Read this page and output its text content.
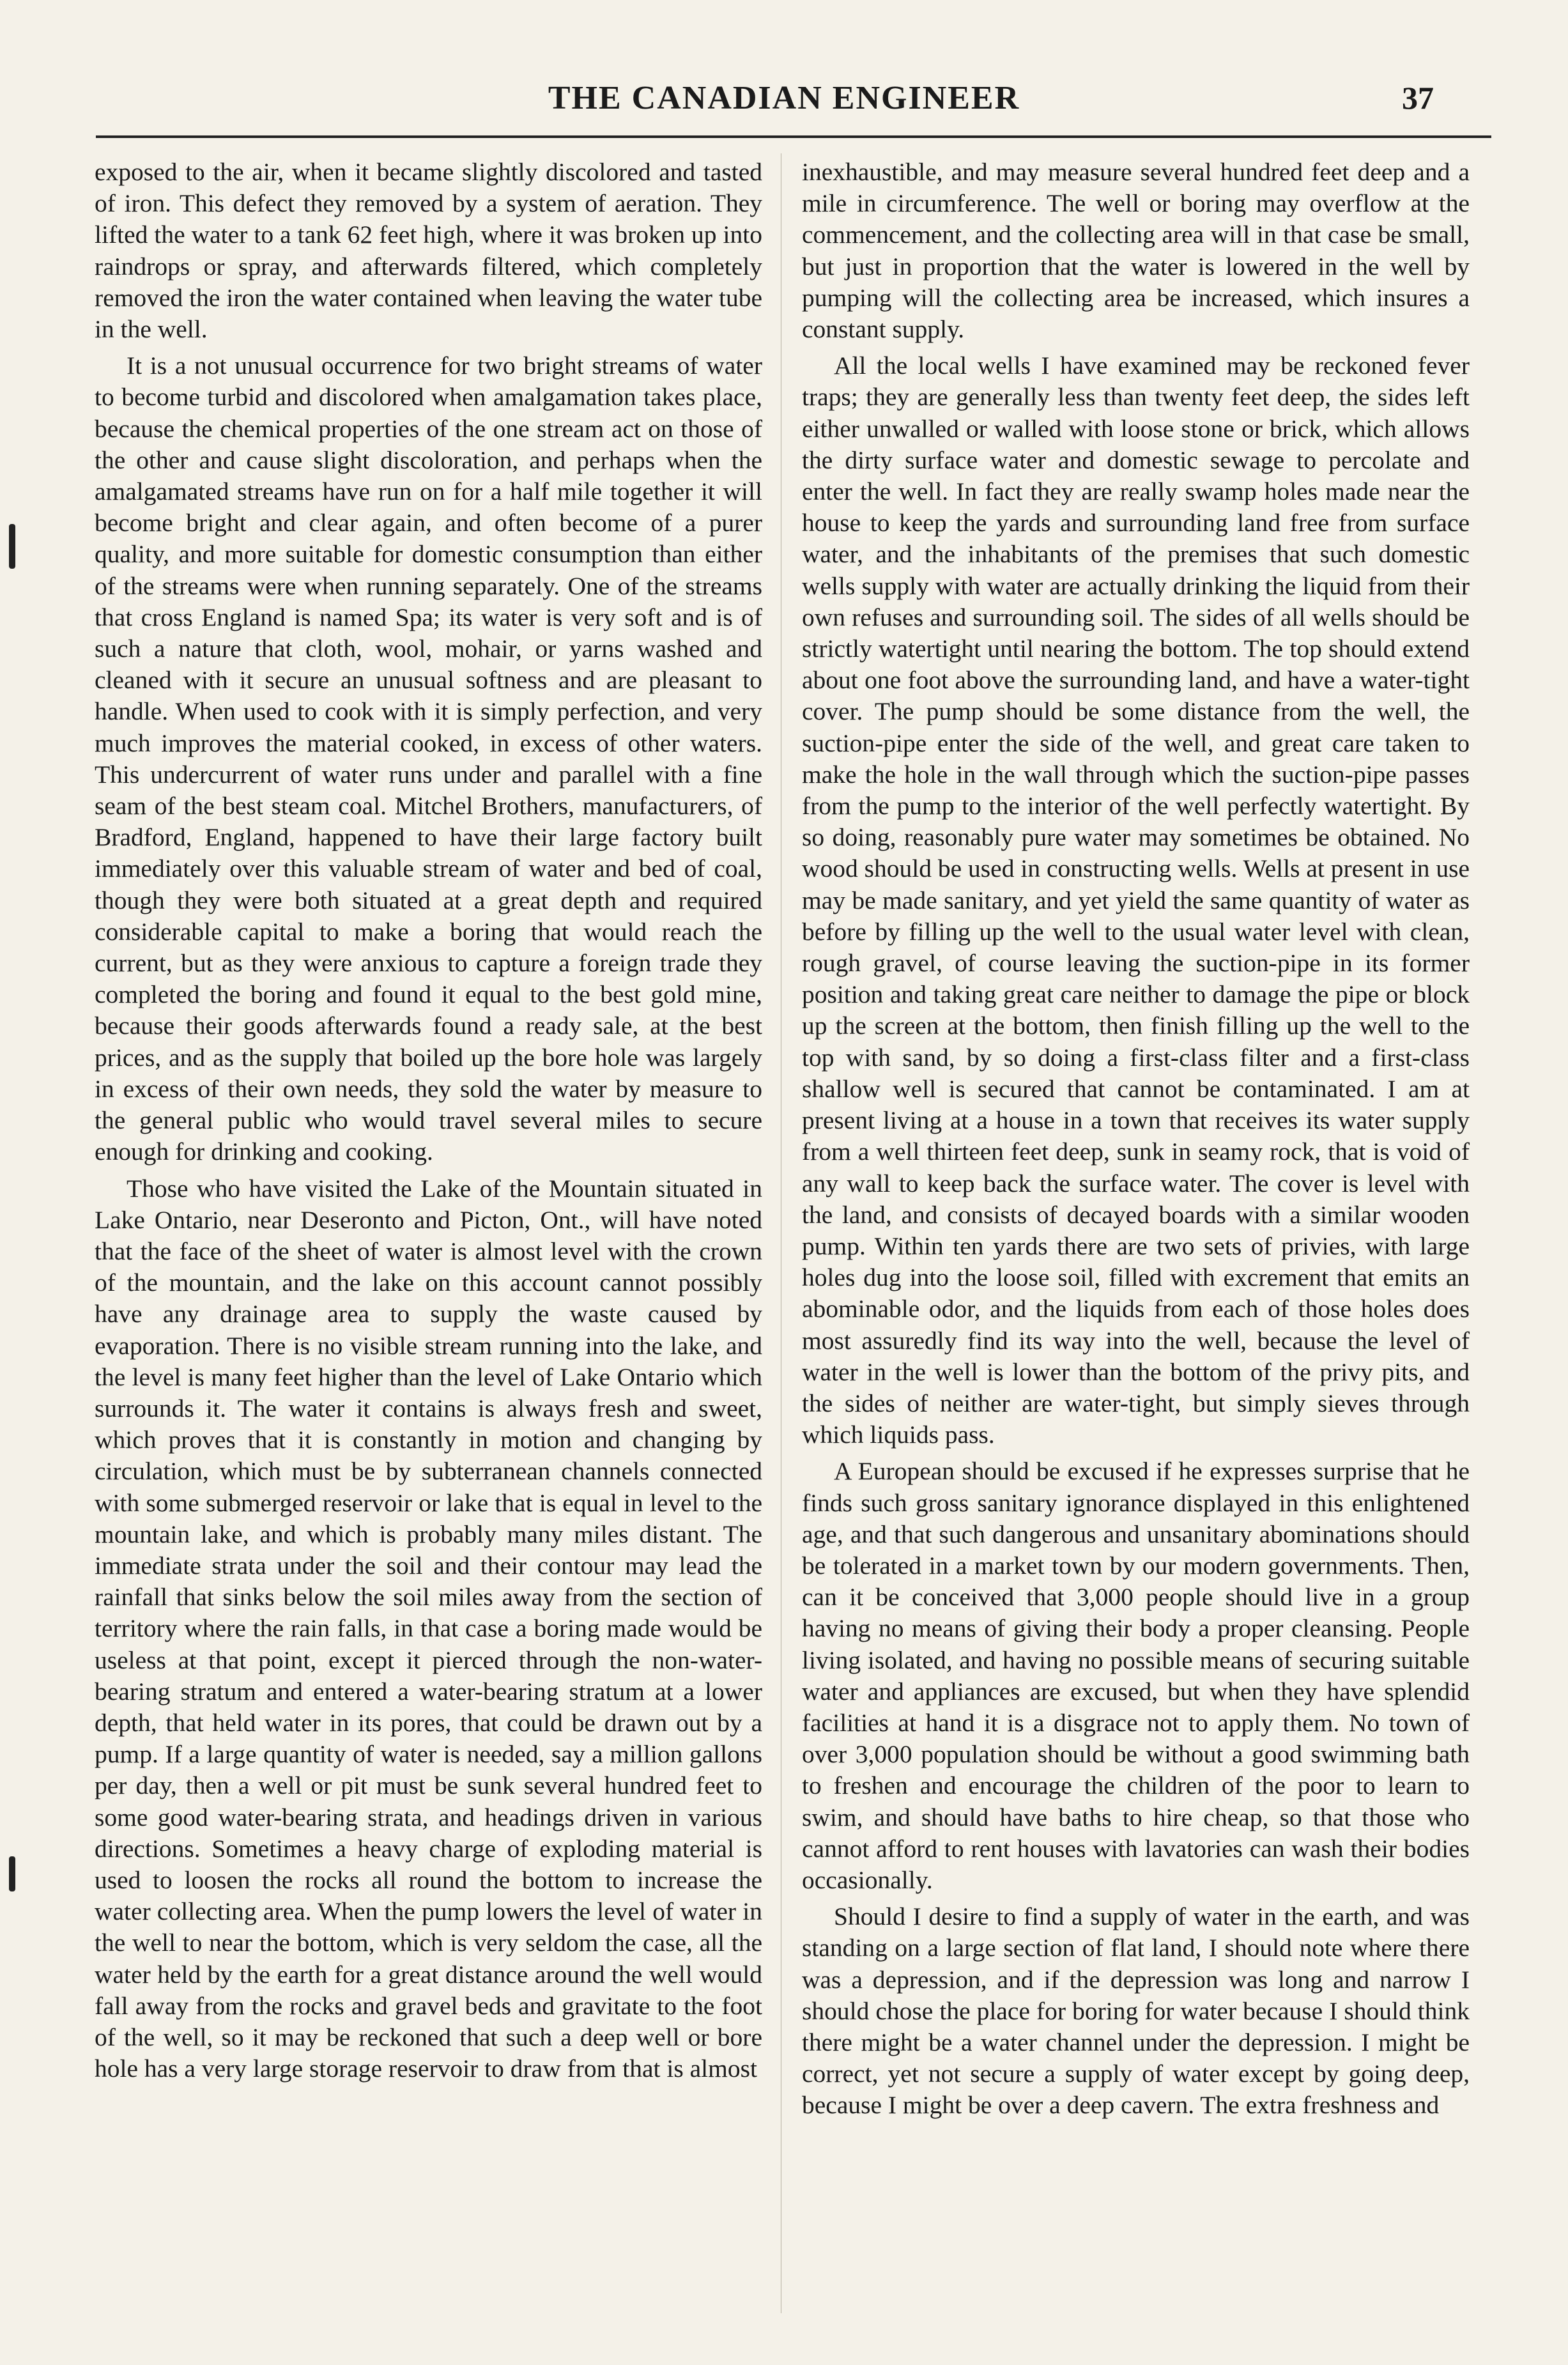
THE CANADIAN ENGINEER	37

exposed to the air, when it became slightly discolored and tasted of iron. This defect they removed by a system of aeration. They lifted the water to a tank 62 feet high, where it was broken up into raindrops or spray, and afterwards filtered, which completely removed the iron the water contained when leaving the water tube in the well.

It is a not unusual occurrence for two bright streams of water to become turbid and discolored when amalgamation takes place, because the chemical properties of the one stream act on those of the other and cause slight discoloration, and perhaps when the amalgamated streams have run on for a half mile together it will become bright and clear again, and often become of a purer quality, and more suitable for domestic consumption than either of the streams were when running separately. One of the streams that cross England is named Spa; its water is very soft and is of such a nature that cloth, wool, mohair, or yarns washed and cleaned with it secure an unusual softness and are pleasant to handle. When used to cook with it is simply perfection, and very much improves the material cooked, in excess of other waters. This undercurrent of water runs under and parallel with a fine seam of the best steam coal. Mitchel Brothers, manufacturers, of Bradford, England, happened to have their large factory built immediately over this valuable stream of water and bed of coal, though they were both situated at a great depth and required considerable capital to make a boring that would reach the current, but as they were anxious to capture a foreign trade they completed the boring and found it equal to the best gold mine, because their goods afterwards found a ready sale, at the best prices, and as the supply that boiled up the bore hole was largely in excess of their own needs, they sold the water by measure to the general public who would travel several miles to secure enough for drinking and cooking.

Those who have visited the Lake of the Mountain situated in Lake Ontario, near Deseronto and Picton, Ont., will have noted that the face of the sheet of water is almost level with the crown of the mountain, and the lake on this account cannot possibly have any drainage area to supply the waste caused by evaporation. There is no visible stream running into the lake, and the level is many feet higher than the level of Lake Ontario which surrounds it. The water it contains is always fresh and sweet, which proves that it is constantly in motion and changing by circulation, which must be by subterranean channels connected with some submerged reservoir or lake that is equal in level to the mountain lake, and which is probably many miles distant. The immediate strata under the soil and their contour may lead the rainfall that sinks below the soil miles away from the section of territory where the rain falls, in that case a boring made would be useless at that point, except it pierced through the non-water-bearing stratum and entered a water-bearing stratum at a lower depth, that held water in its pores, that could be drawn out by a pump. If a large quantity of water is needed, say a million gallons per day, then a well or pit must be sunk several hundred feet to some good water-bearing strata, and headings driven in various directions. Sometimes a heavy charge of exploding material is used to loosen the rocks all round the bottom to increase the water collecting area. When the pump lowers the level of water in the well to near the bottom, which is very seldom the case, all the water held by the earth for a great distance around the well would fall away from the rocks and gravel beds and gravitate to the foot of the well, so it may be reckoned that such a deep well or bore hole has a very large storage reservoir to draw from that is almost

inexhaustible, and may measure several hundred feet deep and a mile in circumference. The well or boring may overflow at the commencement, and the collecting area will in that case be small, but just in proportion that the water is lowered in the well by pumping will the collecting area be increased, which insures a constant supply.

All the local wells I have examined may be reckoned fever traps; they are generally less than twenty feet deep, the sides left either unwalled or walled with loose stone or brick, which allows the dirty surface water and domestic sewage to percolate and enter the well. In fact they are really swamp holes made near the house to keep the yards and surrounding land free from surface water, and the inhabitants of the premises that such domestic wells supply with water are actually drinking the liquid from their own refuses and surrounding soil. The sides of all wells should be strictly watertight until nearing the bottom. The top should extend about one foot above the surrounding land, and have a water-tight cover. The pump should be some distance from the well, the suction-pipe enter the side of the well, and great care taken to make the hole in the wall through which the suction-pipe passes from the pump to the interior of the well perfectly watertight. By so doing, reasonably pure water may sometimes be obtained. No wood should be used in constructing wells. Wells at present in use may be made sanitary, and yet yield the same quantity of water as before by filling up the well to the usual water level with clean, rough gravel, of course leaving the suction-pipe in its former position and taking great care neither to damage the pipe or block up the screen at the bottom, then finish filling up the well to the top with sand, by so doing a first-class filter and a first-class shallow well is secured that cannot be contaminated. I am at present living at a house in a town that receives its water supply from a well thirteen feet deep, sunk in seamy rock, that is void of any wall to keep back the surface water. The cover is level with the land, and consists of decayed boards with a similar wooden pump. Within ten yards there are two sets of privies, with large holes dug into the loose soil, filled with excrement that emits an abominable odor, and the liquids from each of those holes does most assuredly find its way into the well, because the level of water in the well is lower than the bottom of the privy pits, and the sides of neither are water-tight, but simply sieves through which liquids pass.

A European should be excused if he expresses surprise that he finds such gross sanitary ignorance displayed in this enlightened age, and that such dangerous and unsanitary abominations should be tolerated in a market town by our modern governments. Then, can it be conceived that 3,000 people should live in a group having no means of giving their body a proper cleansing. People living isolated, and having no possible means of securing suitable water and appliances are excused, but when they have splendid facilities at hand it is a disgrace not to apply them. No town of over 3,000 population should be without a good swimming bath to freshen and encourage the children of the poor to learn to swim, and should have baths to hire cheap, so that those who cannot afford to rent houses with lavatories can wash their bodies occasionally.

Should I desire to find a supply of water in the earth, and was standing on a large section of flat land, I should note where there was a depression, and if the depression was long and narrow I should chose the place for boring for water because I should think there might be a water channel under the depression. I might be correct, yet not secure a supply of water except by going deep, because I might be over a deep cavern. The extra freshness and
